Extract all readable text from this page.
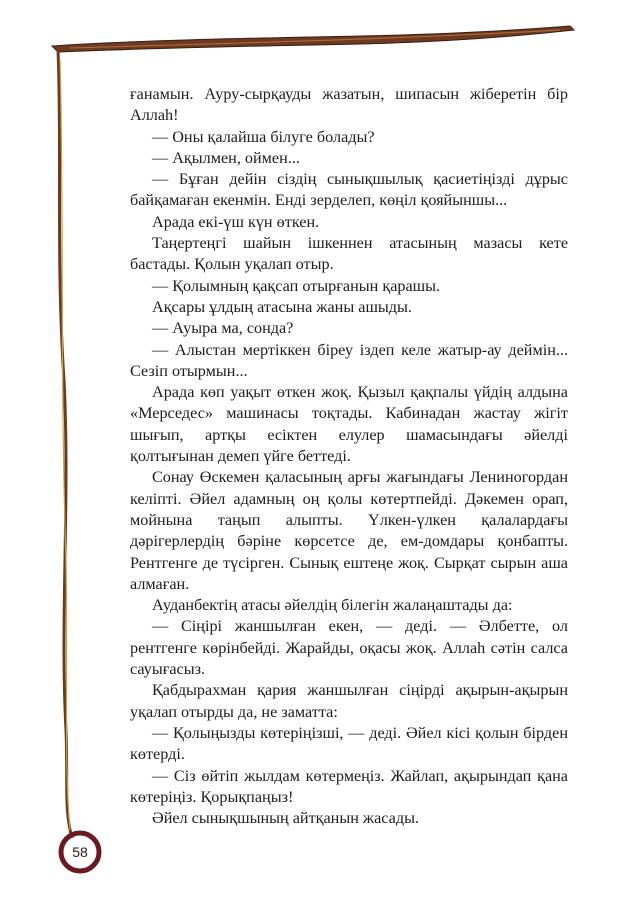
ғанамын. Ауру-сырқауды жазатын, шипасын жіберетін бір Аллаһ!

— Оны қалайша білуге болады?

— Ақылмен, оймен...

— Бұған дейін сіздің сынықшылық қасиетіңізді дұрыс байқамаған екенмін. Енді зерделеп, көңіл қояйыншы...

Арада екі-үш күн өткен.

Таңертеңгі шайын ішкеннен атасының мазасы кете бастады. Қолын уқалап отыр.

— Қолымның қақсап отырғанын қарашы.

Ақсары ұлдың атасына жаны ашыды.

— Ауыра ма, сонда?

— Алыстан мертіккен біреу іздеп келе жатыр-ау деймін... Сезіп отырмын...

Арада көп уақыт өткен жоқ. Қызыл қақпалы үйдің алдына «Мерседес» машинасы тоқтады. Кабинадан жастау жігіт шығып, артқы есіктен елулер шамасындағы әйелді қолтығынан демеп үйге беттеді.

Сонау Өскемен қаласының арғы жағындағы Лениногордан келіпті. Әйел адамның оң қолы көтертпейді. Дәкемен орап, мойнына таңып алыпты. Үлкен-үлкен қалалардағы дәрігерлердің бәріне көрсетсе де, ем-домдары қонбапты. Рентгенге де түсірген. Сынық ештеңе жоқ. Сырқат сырын аша алмаған.

Ауданбектің атасы әйелдің білегін жалаңаштады да:

— Сіңірі жаншылған екен, — деді. — Әлбетте, ол рентгенге көрінбейді. Жарайды, оқасы жоқ. Аллаһ сәтін салса сауығасыз.

Қабдырахман қария жаншылған сіңірді ақырын-ақырын уқалап отырды да, не заматта:

— Қолыңызды көтеріңізші, — деді. Әйел кісі қолын бірден көтерді.

— Сіз өйтіп жылдам көтермеңіз. Жайлап, ақырындап қана көтеріңіз. Қорықпаңыз!

Әйел сынықшының айтқанын жасады.

58
